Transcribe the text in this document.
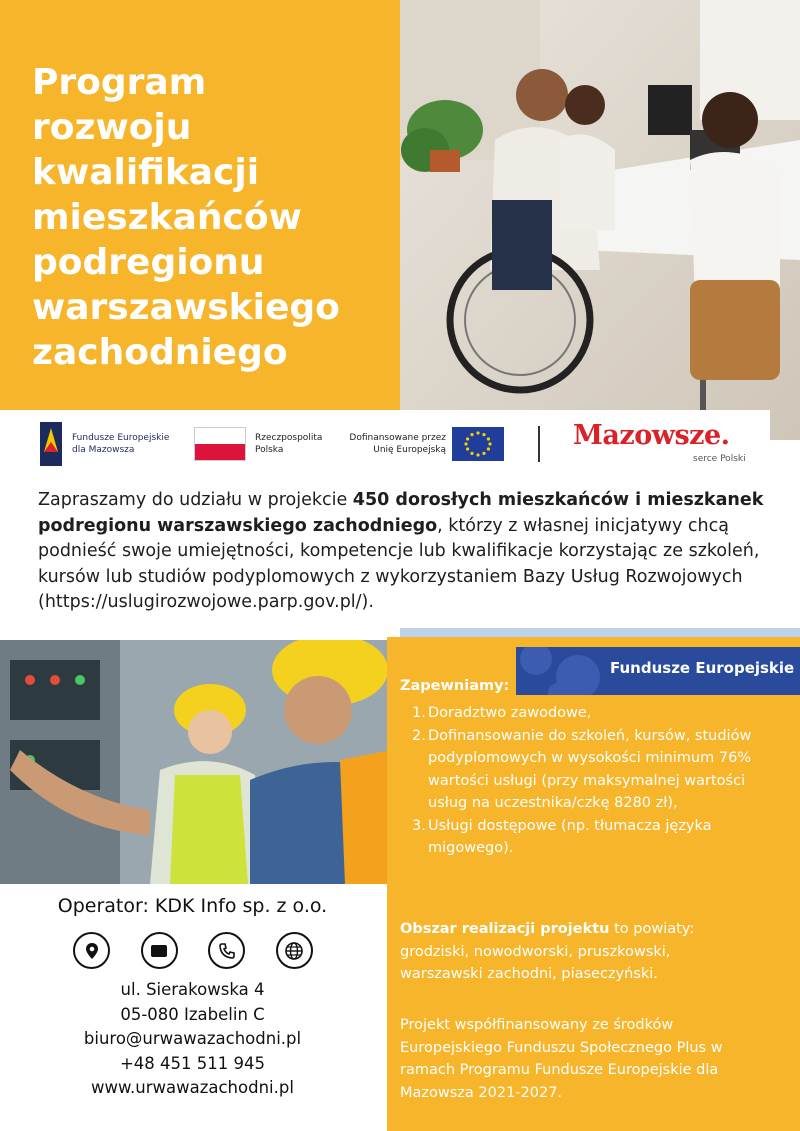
Program
rozwoju
kwalifikacji
mieszkańców
podregionu
warszawskiego
zachodniego
Fundusze Europejskie
dla Mazowsza
Rzeczpospolita
Polska
Dofinansowane przez
Unię Europejską	Mazowsze.
serce Polski

Zapraszamy do udziału w projekcie 450 dorosłych mieszkańców i mieszkanek podregionu warszawskiego zachodniego, którzy z własnej inicjatywy chcą podnieść swoje umiejętności, kompetencje lub kwalifikacje korzystając ze szkoleń, kursów lub studiów podyplomowych z wykorzystaniem Bazy Usług Rozwojowych (https://uslugirozwojowe.parp.gov.pl/).

Fundusze Europejskie
Zapewniamy:
1. Doradztwo zawodowe,
2. Dofinansowanie do szkoleń, kursów, studiów podyplomowych w wysokości minimum 76% wartości usługi (przy maksymalnej wartości usług na uczestnika/czkę 8280 zł),
3. Usługi dostępowe (np. tłumacza języka migowego).

Obszar realizacji projektu to powiaty: grodziski, nowodworski, pruszkowski, warszawski zachodni, piaseczyński.

Projekt współfinansowany ze środków Europejskiego Funduszu Społecznego Plus w ramach Programu Fundusze Europejskie dla Mazowsza 2021-2027.

Operator: KDK Info sp. z o.o.
ul. Sierakowska 4
05-080 Izabelin C
biuro@urwawazachodni.pl
+48 451 511 945
www.urwawazachodni.pl
